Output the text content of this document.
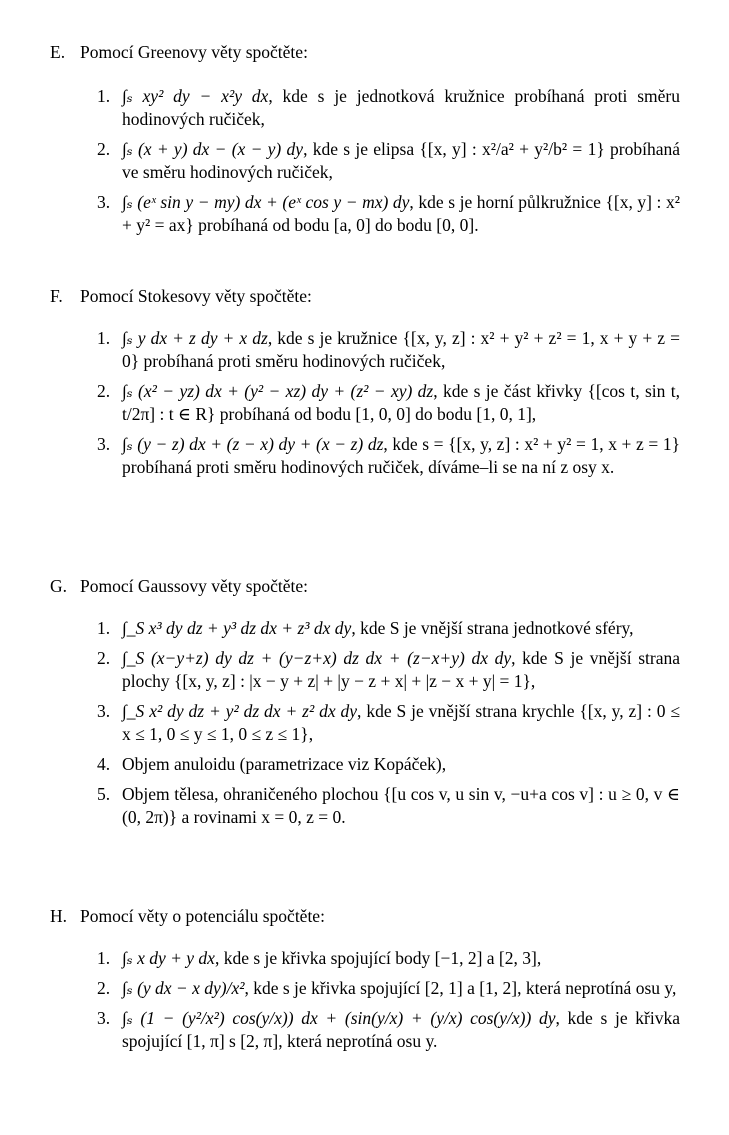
E. Pomocí Greenovy věty spočtěte:
1. ∫ₛ xy² dy − x²y dx, kde s je jednotková kružnice probíhaná proti směru hodinových ručiček,
2. ∫ₛ (x + y) dx − (x − y) dy, kde s je elipsa {[x, y] : x²/a² + y²/b² = 1} probíhaná ve směru hodinových ručiček,
3. ∫ₛ (eˣ sin y − my) dx + (eˣ cos y − mx) dy, kde s je horní půlkružnice {[x, y] : x² + y² = ax} probíhaná od bodu [a, 0] do bodu [0, 0].
F. Pomocí Stokesovy věty spočtěte:
1. ∫ₛ y dx + z dy + x dz, kde s je kružnice {[x, y, z] : x² + y² + z² = 1, x + y + z = 0} probíhaná proti směru hodinových ručiček,
2. ∫ₛ (x² − yz) dx + (y² − xz) dy + (z² − xy) dz, kde s je část křivky {[cos t, sin t, t/2π] : t ∈ R} probíhaná od bodu [1, 0, 0] do bodu [1, 0, 1],
3. ∫ₛ (y − z) dx + (z − x) dy + (x − z) dz, kde s = {[x, y, z] : x² + y² = 1, x + z = 1} probíhaná proti směru hodinových ručiček, díváme–li se na ní z osy x.
G. Pomocí Gaussovy věty spočtěte:
1. ∫_S x³ dy dz + y³ dz dx + z³ dx dy, kde S je vnější strana jednotkové sféry,
2. ∫_S (x−y+z) dy dz + (y−z+x) dz dx + (z−x+y) dx dy, kde S je vnější strana plochy {[x, y, z] : |x − y + z| + |y − z + x| + |z − x + y| = 1},
3. ∫_S x² dy dz + y² dz dx + z² dx dy, kde S je vnější strana krychle {[x, y, z] : 0 ≤ x ≤ 1, 0 ≤ y ≤ 1, 0 ≤ z ≤ 1},
4. Objem anuloidu (parametrizace viz Kopáček),
5. Objem tělesa, ohraničeného plochou {[u cos v, u sin v, −u+a cos v] : u ≥ 0, v ∈ (0, 2π)} a rovinami x = 0, z = 0.
H. Pomocí věty o potenciálu spočtěte:
1. ∫ₛ x dy + y dx, kde s je křivka spojující body [−1, 2] a [2, 3],
2. ∫ₛ (y dx − x dy)/x², kde s je křivka spojující [2, 1] a [1, 2], která neprotíná osu y,
3. ∫ₛ (1 − (y²/x²) cos(y/x)) dx + (sin(y/x) + (y/x) cos(y/x)) dy, kde s je křivka spojující [1, π] s [2, π], která neprotíná osu y.
